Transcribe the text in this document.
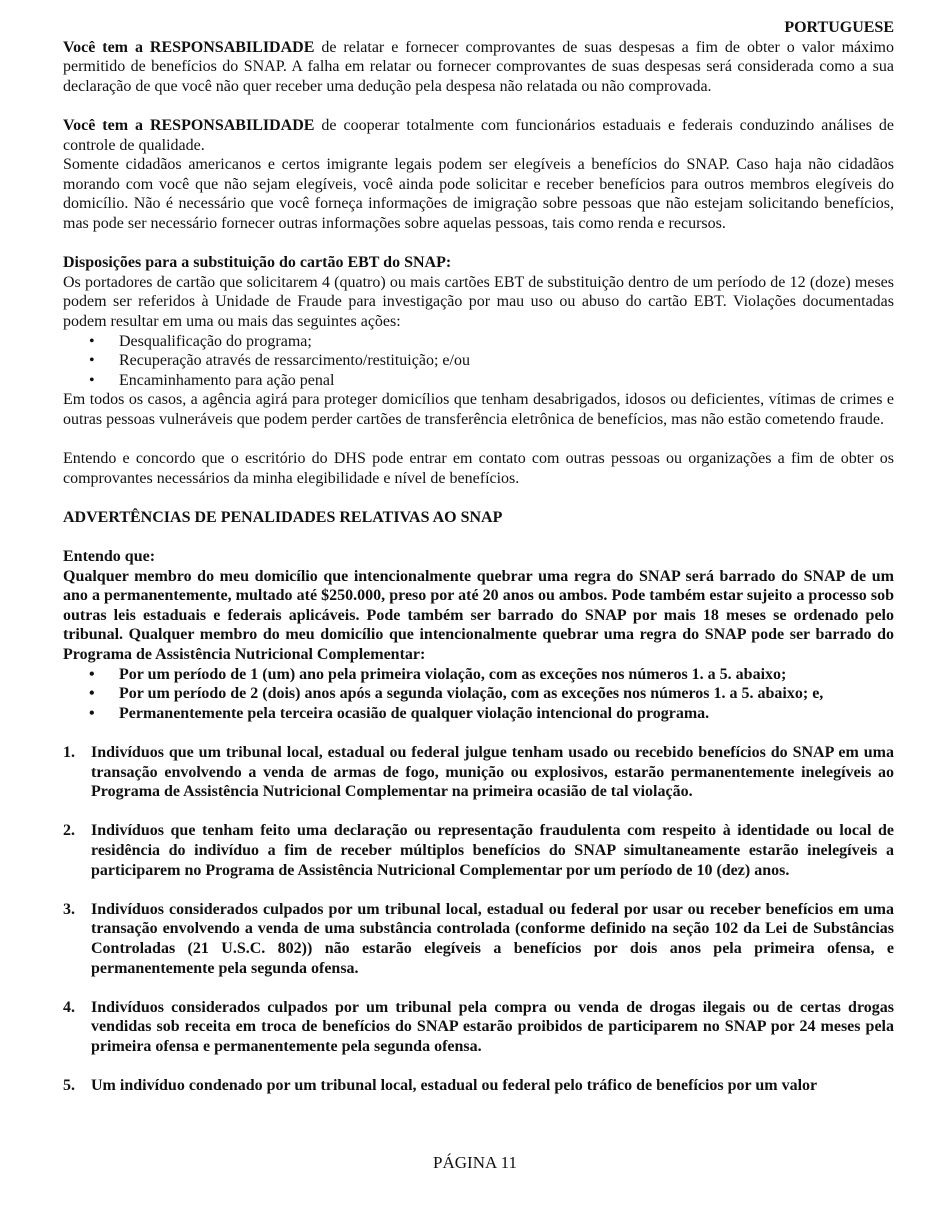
PORTUGUESE

Você tem a RESPONSABILIDADE de relatar e fornecer comprovantes de suas despesas a fim de obter o valor máximo permitido de benefícios do SNAP. A falha em relatar ou fornecer comprovantes de suas despesas será considerada como a sua declaração de que você não quer receber uma dedução pela despesa não relatada ou não comprovada.

Você tem a RESPONSABILIDADE de cooperar totalmente com funcionários estaduais e federais conduzindo análises de controle de qualidade.

Somente cidadãos americanos e certos imigrante legais podem ser elegíveis a benefícios do SNAP. Caso haja não cidadãos morando com você que não sejam elegíveis, você ainda pode solicitar e receber benefícios para outros membros elegíveis do domicílio. Não é necessário que você forneça informações de imigração sobre pessoas que não estejam solicitando benefícios, mas pode ser necessário fornecer outras informações sobre aquelas pessoas, tais como renda e recursos.

Disposições para a substituição do cartão EBT do SNAP:

Os portadores de cartão que solicitarem 4 (quatro) ou mais cartões EBT de substituição dentro de um período de 12 (doze) meses podem ser referidos à Unidade de Fraude para investigação por mau uso ou abuso do cartão EBT. Violações documentadas podem resultar em uma ou mais das seguintes ações:

• Desqualificação do programa;
• Recuperação através de ressarcimento/restituição; e/ou
• Encaminhamento para ação penal

Em todos os casos, a agência agirá para proteger domicílios que tenham desabrigados, idosos ou deficientes, vítimas de crimes e outras pessoas vulneráveis que podem perder cartões de transferência eletrônica de benefícios, mas não estão cometendo fraude.

Entendo e concordo que o escritório do DHS pode entrar em contato com outras pessoas ou organizações a fim de obter os comprovantes necessários da minha elegibilidade e nível de benefícios.

ADVERTÊNCIAS DE PENALIDADES RELATIVAS AO SNAP

Entendo que:

Qualquer membro do meu domicílio que intencionalmente quebrar uma regra do SNAP será barrado do SNAP de um ano a permanentemente, multado até $250.000, preso por até 20 anos ou ambos. Pode também estar sujeito a processo sob outras leis estaduais e federais aplicáveis. Pode também ser barrado do SNAP por mais 18 meses se ordenado pelo tribunal. Qualquer membro do meu domicílio que intencionalmente quebrar uma regra do SNAP pode ser barrado do Programa de Assistência Nutricional Complementar:

• Por um período de 1 (um) ano pela primeira violação, com as exceções nos números 1. a 5. abaixo;
• Por um período de 2 (dois) anos após a segunda violação, com as exceções nos números 1. a 5. abaixo; e,
• Permanentemente pela terceira ocasião de qualquer violação intencional do programa.
1. Indivíduos que um tribunal local, estadual ou federal julgue tenham usado ou recebido benefícios do SNAP em uma transação envolvendo a venda de armas de fogo, munição ou explosivos, estarão permanentemente inelegíveis ao Programa de Assistência Nutricional Complementar na primeira ocasião de tal violação.
2. Indivíduos que tenham feito uma declaração ou representação fraudulenta com respeito à identidade ou local de residência do indivíduo a fim de receber múltiplos benefícios do SNAP simultaneamente estarão inelegíveis a participarem no Programa de Assistência Nutricional Complementar por um período de 10 (dez) anos.
3. Indivíduos considerados culpados por um tribunal local, estadual ou federal por usar ou receber benefícios em uma transação envolvendo a venda de uma substância controlada (conforme definido na seção 102 da Lei de Substâncias Controladas (21 U.S.C. 802)) não estarão elegíveis a benefícios por dois anos pela primeira ofensa, e permanentemente pela segunda ofensa.
4. Indivíduos considerados culpados por um tribunal pela compra ou venda de drogas ilegais ou de certas drogas vendidas sob receita em troca de benefícios do SNAP estarão proibidos de participarem no SNAP por 24 meses pela primeira ofensa e permanentemente pela segunda ofensa.
5. Um indivíduo condenado por um tribunal local, estadual ou federal pelo tráfico de benefícios por um valor
PÁGINA 11
